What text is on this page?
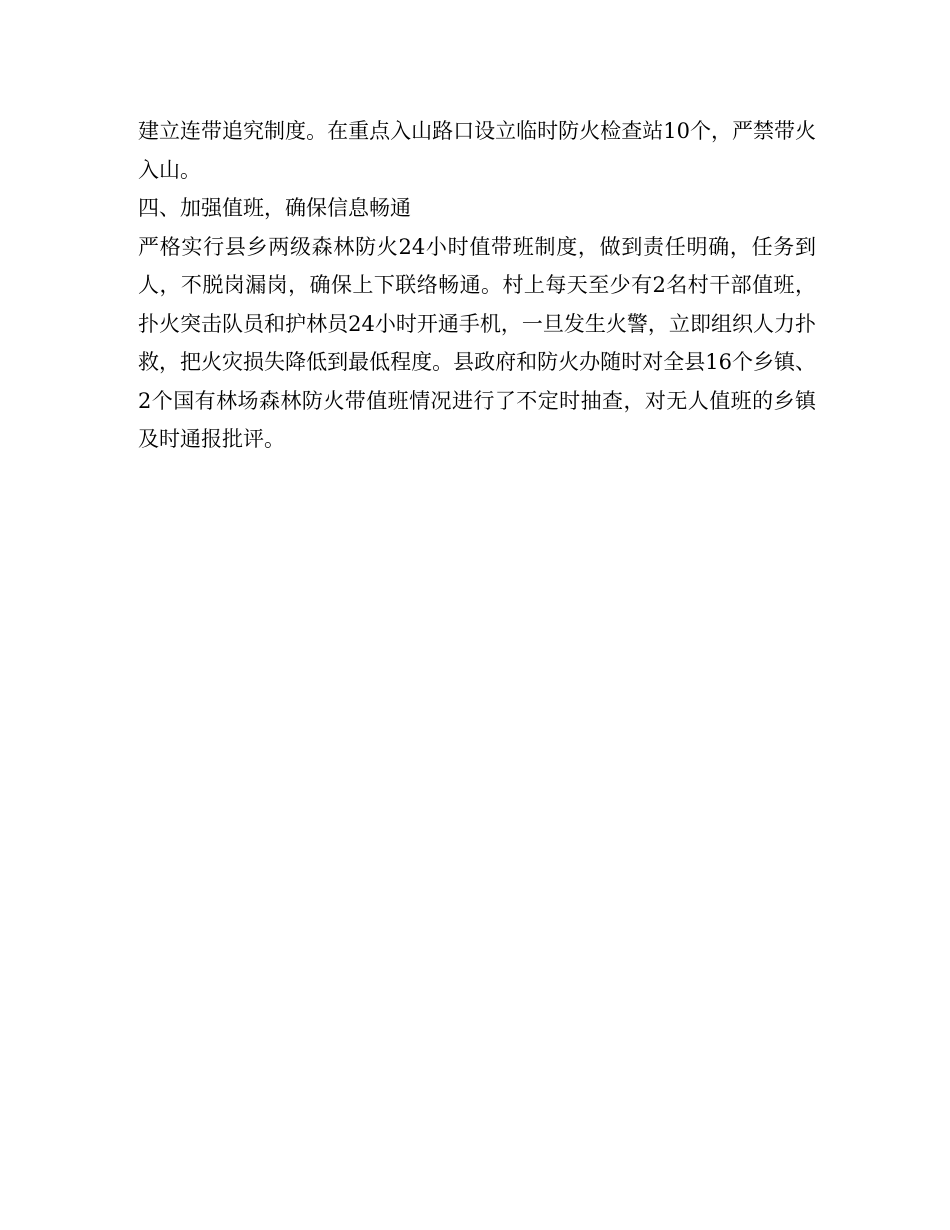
建立连带追究制度。在重点入山路口设立临时防火检查站10个，严禁带火入山。

四、加强值班，确保信息畅通

严格实行县乡两级森林防火24小时值带班制度，做到责任明确，任务到人，不脱岗漏岗，确保上下联络畅通。村上每天至少有2名村干部值班，扑火突击队员和护林员24小时开通手机，一旦发生火警，立即组织人力扑救，把火灾损失降低到最低程度。县政府和防火办随时对全县16个乡镇、2个国有林场森林防火带值班情况进行了不定时抽查，对无人值班的乡镇及时通报批评。
